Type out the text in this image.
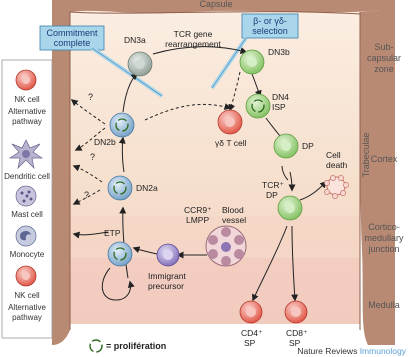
Capsule
Sub-
capsular
zone
Cortex
Cortico-
medullary
junction
Medulla
Trabeculae
Commitment
complete
β- or γδ-
selection
?
?
?
DN3a
TCR gene
rearrangement
DN3b
DN4
ISP
DP
γδ T cell
DN2b
DN2a	TCR⁺
DP
Cell
death
ETP
CCR9⁺
LMPP
Blood
vessel
Immigrant
precursor
CD4⁺
SP
CD8⁺
SP
NK cell
Alternative
pathway
Dendritic cell
Mast cell
Monocyte
NK cell
Alternative
pathway
= prolifération	Nature Reviews Immunology
